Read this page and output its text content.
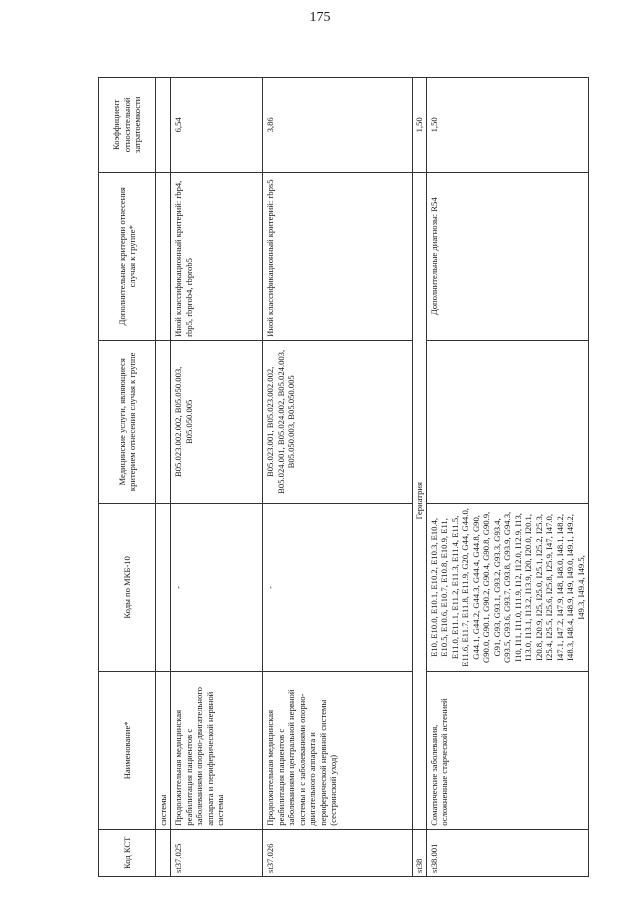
175
Код КСТ	Наименование*	Коды по МКБ-10	Медицинские услуги, являющиеся критерием отнесения случая к группе	Дополнительные критерии отнесения случая к группе*	Коэффициент относительной затратоемкости
	системы				
st37.025	Продолжительная медицинская реабилитация пациентов с заболеваниями опорно-двигательного аппарата и периферической нервной системы	-	B05.023.002.002, B05.050.003, B05.050.005	Иной классификационный критерий: rbp4, rbp5, rbprob4, rbprob5	6,54
st37.026	Продолжительная медицинская реабилитация пациентов с заболеваниями центральной нервной системы и с заболеваниями опорно-двигательного аппарата и периферической нервной системы (сестринский уход)	-	B05.023.001, B05.023.002.002, B05.024.001, B05.024.002, B05.024.003, B05.050.003, B05.050.005	Иной классификационный критерий: rbps5	3,86
st38	Гериатрия				1,50
st38.001	Соматические заболевания, осложненные старческой астенией	E10, E10.0, E10.1, E10.2, E10.3, E10.4, E10.5, E10.6, E10.7, E10.8, E10.9, E11, E11.0, E11.1, E11.2, E11.3, E11.4, E11.5, E11.6, E11.7, E11.8, E11.9, G20, G44, G44.0, G44.1, G44.2, G44.3, G44.4, G44.8, G90, G90.0, G90.1, G90.2, G90.4, G90.8, G90.9, G91, G93, G93.1, G93.2, G93.3, G93.4, G93.5, G93.6, G93.7, G93.8, G93.9, G94.3, I10, I11, I11.0, I11.9, I12, I12.0, I12.9, I13, I13.0, I13.1, I13.2, I13.9, I20, I20.0, I20.1, I20.8, I20.9, I25, I25.0, I25.1, I25.2, I25.3, I25.4, I25.5, I25.6, I25.8, I25.9, I47, I47.0, I47.1, I47.2, I47.9, I48, I48.0, I48.1, I48.2, I48.3, I48.4, I48.9, I49, I49.0, I49.1, I49.2, I49.3, I49.4, I49.5,		Дополнительные диагнозы: R54	1,50
